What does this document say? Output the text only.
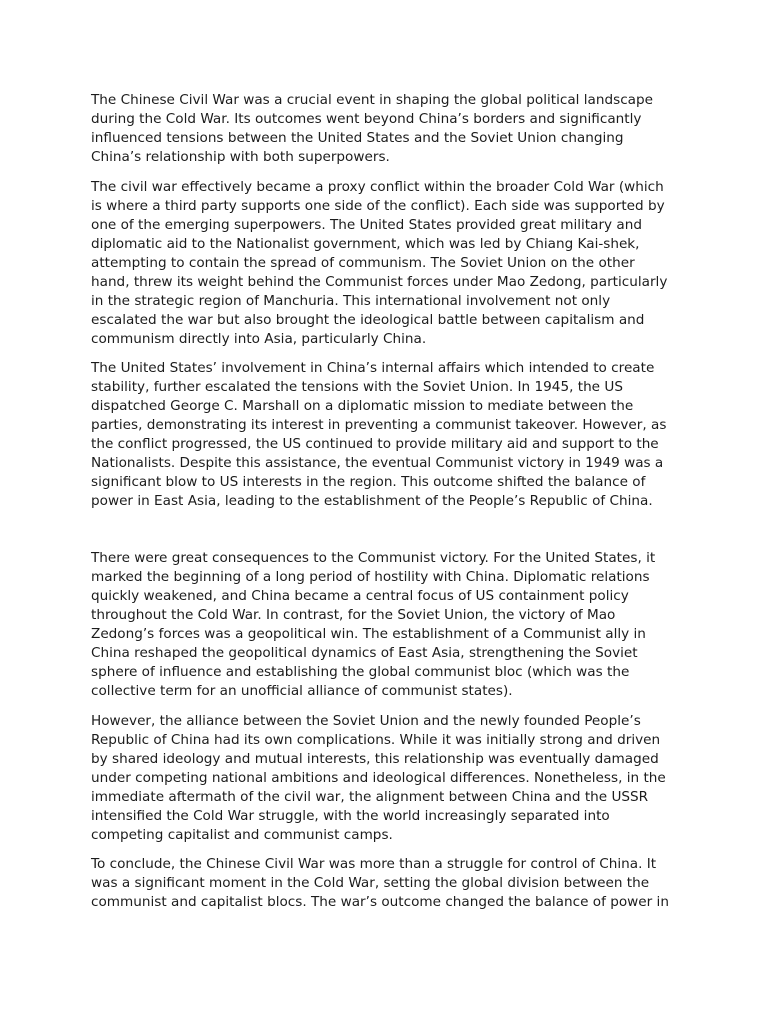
The Chinese Civil War was a crucial event in shaping the global political landscape
during the Cold War. Its outcomes went beyond China’s borders and significantly
influenced tensions between the United States and the Soviet Union changing
China’s relationship with both superpowers.
The civil war effectively became a proxy conflict within the broader Cold War (which
is where a third party supports one side of the conflict). Each side was supported by
one of the emerging superpowers. The United States provided great military and
diplomatic aid to the Nationalist government, which was led by Chiang Kai-shek,
attempting to contain the spread of communism. The Soviet Union on the other
hand, threw its weight behind the Communist forces under Mao Zedong, particularly
in the strategic region of Manchuria. This international involvement not only
escalated the war but also brought the ideological battle between capitalism and
communism directly into Asia, particularly China.
The United States’ involvement in China’s internal affairs which intended to create
stability, further escalated the tensions with the Soviet Union. In 1945, the US
dispatched George C. Marshall on a diplomatic mission to mediate between the
parties, demonstrating its interest in preventing a communist takeover. However, as
the conflict progressed, the US continued to provide military aid and support to the
Nationalists. Despite this assistance, the eventual Communist victory in 1949 was a
significant blow to US interests in the region. This outcome shifted the balance of
power in East Asia, leading to the establishment of the People’s Republic of China.
There were great consequences to the Communist victory. For the United States, it
marked the beginning of a long period of hostility with China. Diplomatic relations
quickly weakened, and China became a central focus of US containment policy
throughout the Cold War. In contrast, for the Soviet Union, the victory of Mao
Zedong’s forces was a geopolitical win. The establishment of a Communist ally in
China reshaped the geopolitical dynamics of East Asia, strengthening the Soviet
sphere of influence and establishing the global communist bloc (which was the
collective term for an unofficial alliance of communist states).
However, the alliance between the Soviet Union and the newly founded People’s
Republic of China had its own complications. While it was initially strong and driven
by shared ideology and mutual interests, this relationship was eventually damaged
under competing national ambitions and ideological differences. Nonetheless, in the
immediate aftermath of the civil war, the alignment between China and the USSR
intensified the Cold War struggle, with the world increasingly separated into
competing capitalist and communist camps.
To conclude, the Chinese Civil War was more than a struggle for control of China. It
was a significant moment in the Cold War, setting the global division between the
communist and capitalist blocs. The war’s outcome changed the balance of power in
